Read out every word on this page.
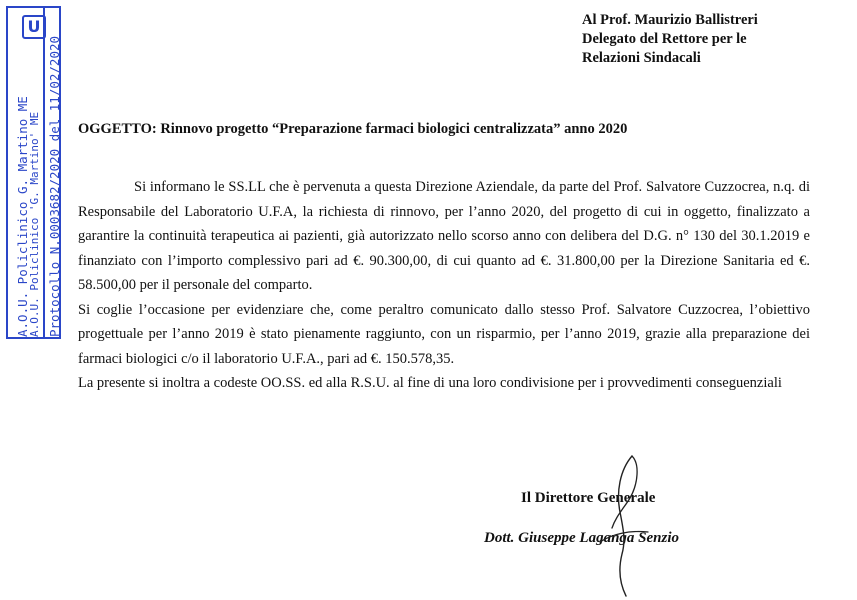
U
A.O.U. Policlinico G. Martino ME
A.O.U. Policlinico 'G. Martino' ME Protocollo N.0003682/2020 del 11/02/2020
Al Prof. Maurizio Ballistreri
Delegato del Rettore per le
Relazioni Sindacali
OGGETTO: Rinnovo progetto “Preparazione farmaci biologici centralizzata” anno 2020

Si informano le SS.LL che è pervenuta a questa Direzione Aziendale, da parte del Prof. Salvatore Cuzzocrea, n.q. di Responsabile del Laboratorio U.F.A, la richiesta di rinnovo, per l’anno 2020, del progetto di cui in oggetto, finalizzato a garantire la continuità terapeutica ai pazienti, già autorizzato nello scorso anno con delibera del D.G. n° 130 del 30.1.2019 e finanziato con l’importo complessivo pari ad €. 90.300,00, di cui quanto ad €. 31.800,00 per la Direzione Sanitaria ed €. 58.500,00 per il personale del comparto.

Si coglie l’occasione per evidenziare che, come peraltro comunicato dallo stesso Prof. Salvatore Cuzzocrea, l’obiettivo progettuale per l’anno 2019 è stato pienamente raggiunto, con un risparmio, per l’anno 2019, grazie alla preparazione dei farmaci biologici c/o il laboratorio U.F.A., pari ad €. 150.578,35.

La presente si inoltra a codeste OO.SS. ed alla R.S.U. al fine di una loro condivisione per i provvedimenti conseguenziali

Il Direttore Generale
Dott. Giuseppe Laganga Senzio
